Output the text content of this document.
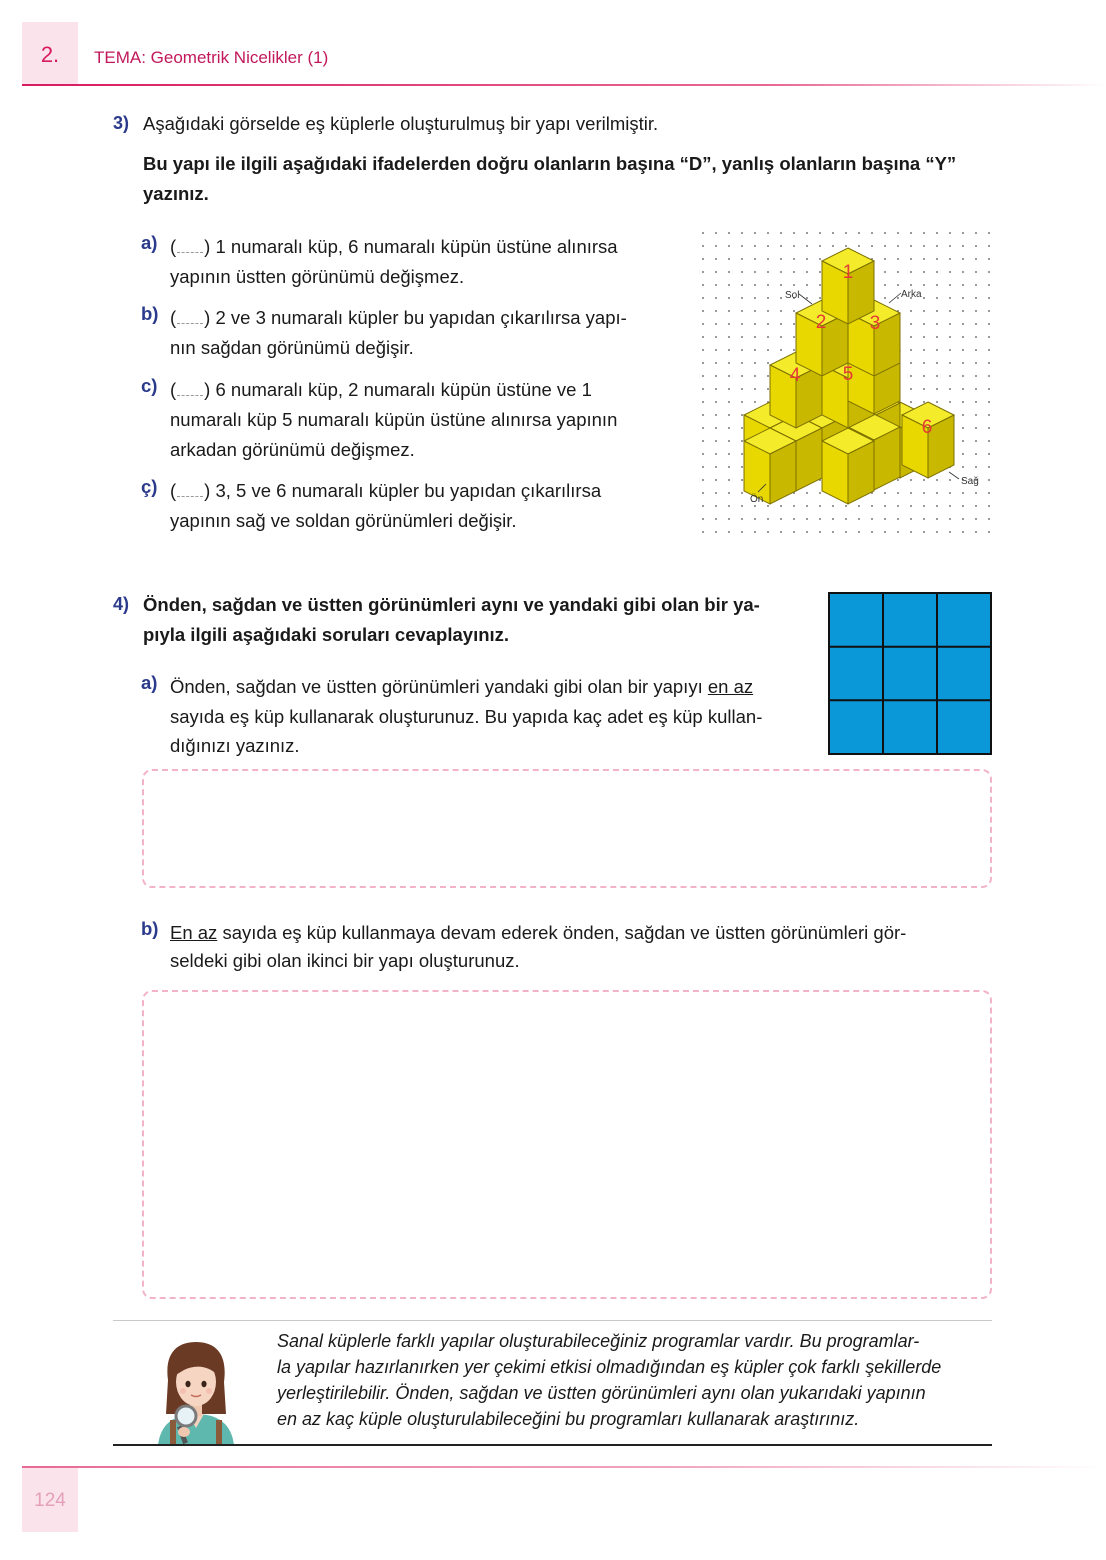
2.	TEMA: Geometrik Nicelikler (1)
3) Aşağıdaki görselde eş küplerle oluşturulmuş bir yapı verilmiştir.
Bu yapı ile ilgili aşağıdaki ifadelerden doğru olanların başına “D”, yanlış olanların başına “Y” yazınız.
a) ( ) 1 numaralı küp, 6 numaralı küpün üstüne alınırsa
yapının üstten görünümü değişmez.
b) ( ) 2 ve 3 numaralı küpler bu yapıdan çıkarılırsa yapı-
nın sağdan görünümü değişir.
c) ( ) 6 numaralı küp, 2 numaralı küpün üstüne ve 1
numaralı küp 5 numaralı küpün üstüne alınırsa yapının
arkadan görünümü değişmez.
ç) ( ) 3, 5 ve 6 numaralı küpler bu yapıdan çıkarılırsa
yapının sağ ve soldan görünümleri değişir.
1
2 3
4 5
6
Sol	Arka
Sağ
Ön
4) Önden, sağdan ve üstten görünümleri aynı ve yandaki gibi olan bir ya-
pıyla ilgili aşağıdaki soruları cevaplayınız.
a) Önden, sağdan ve üstten görünümleri yandaki gibi olan bir yapıyı en az
sayıda eş küp kullanarak oluşturunuz. Bu yapıda kaç adet eş küp kullan-
dığınızı yazınız.
b) En az sayıda eş küp kullanmaya devam ederek önden, sağdan ve üstten görünümleri gör-
seldeki gibi olan ikinci bir yapı oluşturunuz.
Sanal küplerle farklı yapılar oluşturabileceğiniz programlar vardır. Bu programlar-
la yapılar hazırlanırken yer çekimi etkisi olmadığından eş küpler çok farklı şekillerde
yerleştirilebilir. Önden, sağdan ve üstten görünümleri aynı olan yukarıdaki yapının
en az kaç küple oluşturulabileceğini bu programları kullanarak araştırınız.
124
